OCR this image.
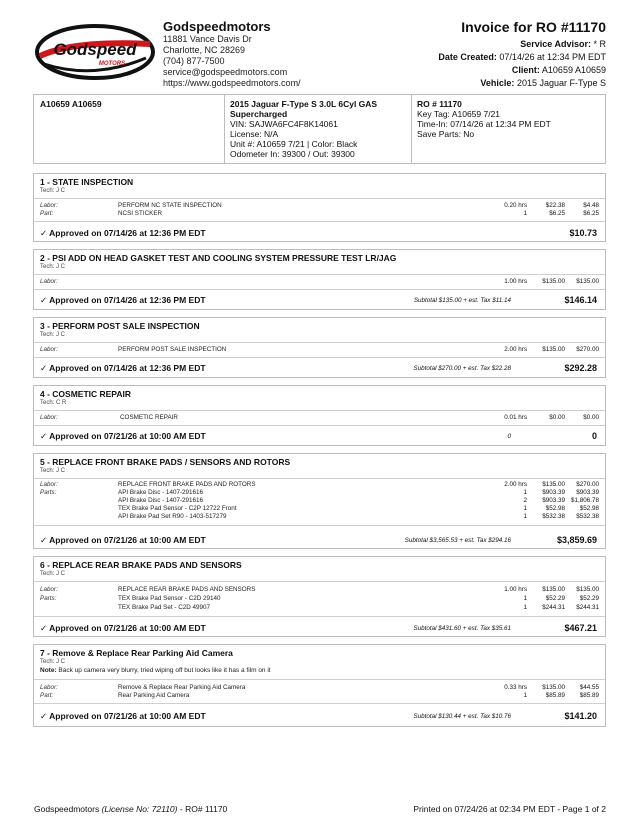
Godspeed
MOTORS
Godspeedmotors
11881 Vance Davis Dr
Charlotte, NC 28269
(704) 877-7500
service@godspeedmotors.com
https://www.godspeedmotors.com/
Invoice for RO #11170
Service Advisor: * R
Date Created: 07/14/26 at 12:34 PM EDT
Client: A10659 A10659
Vehicle: 2015 Jaguar F-Type S
A10659 A10659	2015 Jaguar F-Type S 3.0L 6Cyl GAS
Supercharged
VIN: SAJWA6FC4F8K14061
License: N/A
Unit #: A10659 7/21 | Color: Black
Odometer In: 39300 / Out: 39300
RO # 11170
Key Tag: A10659 7/21
Time-In: 07/14/26 at 12:34 PM EDT
Save Parts: No
1 - STATE INSPECTION
Tech: J C
Labor:	PERFORM NC STATE INSPECTION	0.20 hrs	$22.38	$4.48
Part:	NCSI STICKER	1	$6.25	$6.25
✓ Approved on 07/14/26 at 12:36 PM EDT	$10.73
2 - PSI ADD ON HEAD GASKET TEST AND COOLING SYSTEM PRESSURE TEST LR/JAG
Tech: J C
Labor:	1.00 hrs $135.00 $135.00
✓ Approved on 07/14/26 at 12:36 PM EDT	Subtotal $135.00 + est. Tax $11.14	$146.14
3 - PERFORM POST SALE INSPECTION
Tech: J C
Labor:	PERFORM POST SALE INSPECTION	2.00 hrs $135.00 $270.00
✓ Approved on 07/14/26 at 12:36 PM EDT	Subtotal $270.00 + est. Tax $22.28	$292.28
4 - COSMETIC REPAIR
Tech: C R
Labor:	COSMETIC REPAIR	0.01 hrs	$0.00	$0.00
✓ Approved on 07/21/26 at 10:00 AM EDT	0	0
5 - REPLACE FRONT BRAKE PADS / SENSORS AND ROTORS
Tech: J C
Labor:	REPLACE FRONT BRAKE PADS AND ROTORS	2.00 hrs $135.00 $270.00
Parts:	API Brake Disc - 1407-291616	1 $903.39 $903.39
API Brake Disc - 1407-291616	2 $903.39 $1,806.78
TEX Brake Pad Sensor - C2P 12722 Front	1	$52.98 $52.98
API Brake Pad Set R90 - 1403-517279	1 $532.38 $532.38
✓ Approved on 07/21/26 at 10:00 AM EDT	Subtotal $3,565.53 + est. Tax $294.16	$3,859.69
6 - REPLACE REAR BRAKE PADS AND SENSORS
Tech: J C
Labor:	REPLACE REAR BRAKE PADS AND SENSORS	1.00 hrs $135.00 $135.00
Parts:	TEX Brake Pad Sensor - C2D 29140	1	$52.29 $52.29
TEX Brake Pad Set - C2D 49907	1 $244.31 $244.31
✓ Approved on 07/21/26 at 10:00 AM EDT	Subtotal $431.60 + est. Tax $35.61	$467.21
7 - Remove & Replace Rear Parking Aid Camera
Tech: J C
Note: Back up camera very blurry, tried wiping off but looks like it has a film on it
Labor:	Remove & Replace Rear Parking Aid Camera	0.33 hrs $135.00 $44.55
Part:	Rear Parking Aid Camera	1	$85.89 $85.89
✓ Approved on 07/21/26 at 10:00 AM EDT	Subtotal $130.44 + est. Tax $10.76	$141.20
Godspeedmotors (License No: 72110) - RO# 11170	Printed on 07/24/26 at 02:34 PM EDT - Page 1 of 2
